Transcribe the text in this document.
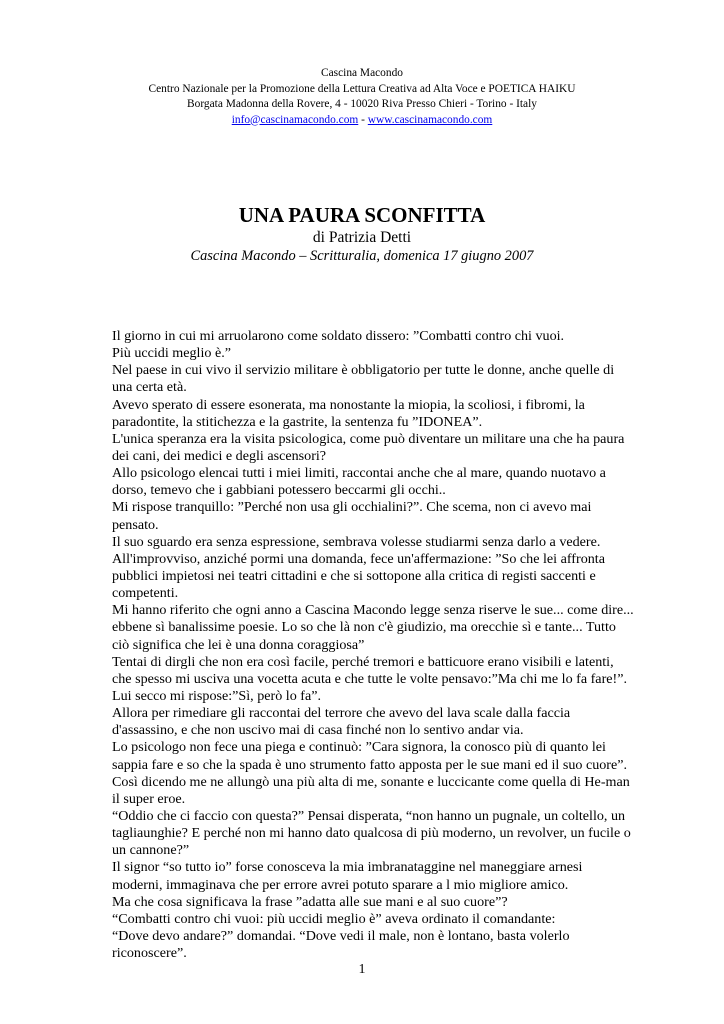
Cascina Macondo
Centro Nazionale per la Promozione della Lettura Creativa ad Alta Voce e POETICA HAIKU
Borgata Madonna della Rovere, 4 - 10020 Riva Presso Chieri - Torino - Italy
info@cascinamacondo.com - www.cascinamacondo.com
UNA PAURA SCONFITTA
di Patrizia Detti
Cascina Macondo – Scritturalia, domenica 17 giugno 2007
Il giorno in cui mi arruolarono come soldato dissero: ”Combatti contro chi vuoi.
Più uccidi meglio è.”
Nel paese in cui vivo il servizio militare è obbligatorio per tutte le donne, anche quelle di
una certa età.
Avevo sperato di essere esonerata, ma nonostante la miopia, la scoliosi, i fibromi, la
paradontite, la stitichezza e la gastrite, la sentenza fu ”IDONEA”.
L'unica speranza era la visita psicologica, come può diventare un militare una che ha paura
dei cani, dei medici e degli ascensori?
Allo psicologo elencai tutti i miei limiti, raccontai anche che al mare, quando nuotavo a
dorso, temevo che i gabbiani potessero beccarmi gli occhi..
Mi rispose tranquillo: ”Perché non usa gli occhialini?”. Che scema, non ci avevo mai
pensato.
Il suo sguardo era senza espressione, sembrava volesse studiarmi senza darlo a vedere.
All'improvviso, anziché pormi una domanda, fece un'affermazione: ”So che lei affronta
pubblici impietosi nei teatri cittadini e che si sottopone alla critica di registi saccenti e
competenti.
Mi hanno riferito che ogni anno a Cascina Macondo legge senza riserve le sue... come dire...
ebbene sì banalissime poesie. Lo so che là non c'è giudizio, ma orecchie sì e tante... Tutto
ciò significa che lei è una donna coraggiosa”
Tentai di dirgli che non era così facile, perché tremori e batticuore erano visibili e latenti,
che spesso mi usciva una vocetta acuta e che tutte le volte pensavo:”Ma chi me lo fa fare!”.
Lui secco mi rispose:”Sì, però lo fa”.
Allora per rimediare gli raccontai del terrore che avevo del lava scale dalla faccia
d'assassino, e che non uscivo mai di casa finché non lo sentivo andar via.
Lo psicologo non fece una piega e continuò: ”Cara signora, la conosco più di quanto lei
sappia fare e so che la spada è uno strumento fatto apposta per le sue mani ed il suo cuore”.
Così dicendo me ne allungò una più alta di me, sonante e luccicante come quella di He-man
il super eroe.
“Oddio che ci faccio con questa?” Pensai disperata, “non hanno un pugnale, un coltello, un
tagliaunghie? E perché non mi hanno dato qualcosa di più moderno, un revolver, un fucile o
un cannone?”
Il signor “so tutto io” forse conosceva la mia imbranataggine nel maneggiare arnesi
moderni, immaginava che per errore avrei potuto sparare a l mio migliore amico.
Ma che cosa significava la frase ”adatta alle sue mani e al suo cuore”?
“Combatti contro chi vuoi: più uccidi meglio è” aveva ordinato il comandante:
“Dove devo andare?” domandai. “Dove vedi il male, non è lontano, basta volerlo
riconoscere”.
1
